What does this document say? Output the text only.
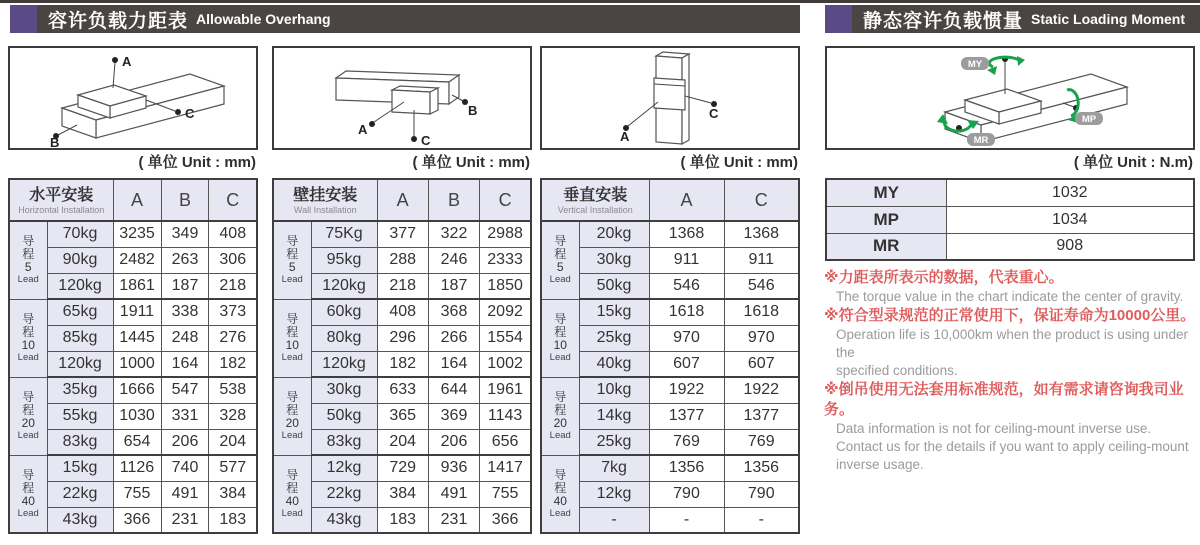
容许负载力距表 Allowable Overhang	静态容许负载惯量 Static Loading Moment
A
B
C
( 单位 Unit : mm)
A
C
B
( 单位 Unit : mm)
A
C
( 单位 Unit : mm)
MY
MP
MR
( 单位 Unit : N.m)
水平安装
Horizontal Installation		A	B	C

导
程
5
Lead	70kg	3235	349	408
	90kg	2482	263	306
	120kg	1861	187	218

导
程
10
Lead	65kg	1911	338	373
	85kg	1445	248	276
	120kg	1000	164	182

导
程
20
Lead	35kg	1666	547	538
	55kg	1030	331	328
	83kg	654	206	204

导
程
40
Lead	15kg	1126	740	577
	22kg	755	491	384
	43kg	366	231	183
壁挂安装
Wall Installation		A	B	C

导
程
5
Lead	75Kg	377	322	2988
	95kg	288	246	2333
	120kg	218	187	1850

导
程
10
Lead	60kg	408	368	2092
	80kg	296	266	1554
	120kg	182	164	1002

导
程
20
Lead	30kg	633	644	1961
	50kg	365	369	1143
	83kg	204	206	656

导
程
40
Lead	12kg	729	936	1417
	22kg	384	491	755
	43kg	183	231	366
垂直安装
Vertical Installation		A	C

导
程
5
Lead	20kg	1368	1368
	30kg	911	911
	50kg	546	546

导
程
10
Lead	15kg	1618	1618
	25kg	970	970
	40kg	607	607

导
程
20
Lead	10kg	1922	1922
	14kg	1377	1377
	25kg	769	769

导
程
40
Lead	7kg	1356	1356
	12kg	790	790
	-	-	-
MY	1032
MP	1034
MR	908
※力距表所表示的数据，代表重心。
The torque value in the chart indicate the center of gravity.
※符合型录规范的正常使用下，保证寿命为10000公里。
Operation life is 10,000km when the product is using under the
specified conditions.
※倒吊使用无法套用标准规范，如有需求请咨询我司业务。
Data information is not for ceiling-mount inverse use.
Contact us for the details if you want to apply ceiling-mount
inverse usage.
